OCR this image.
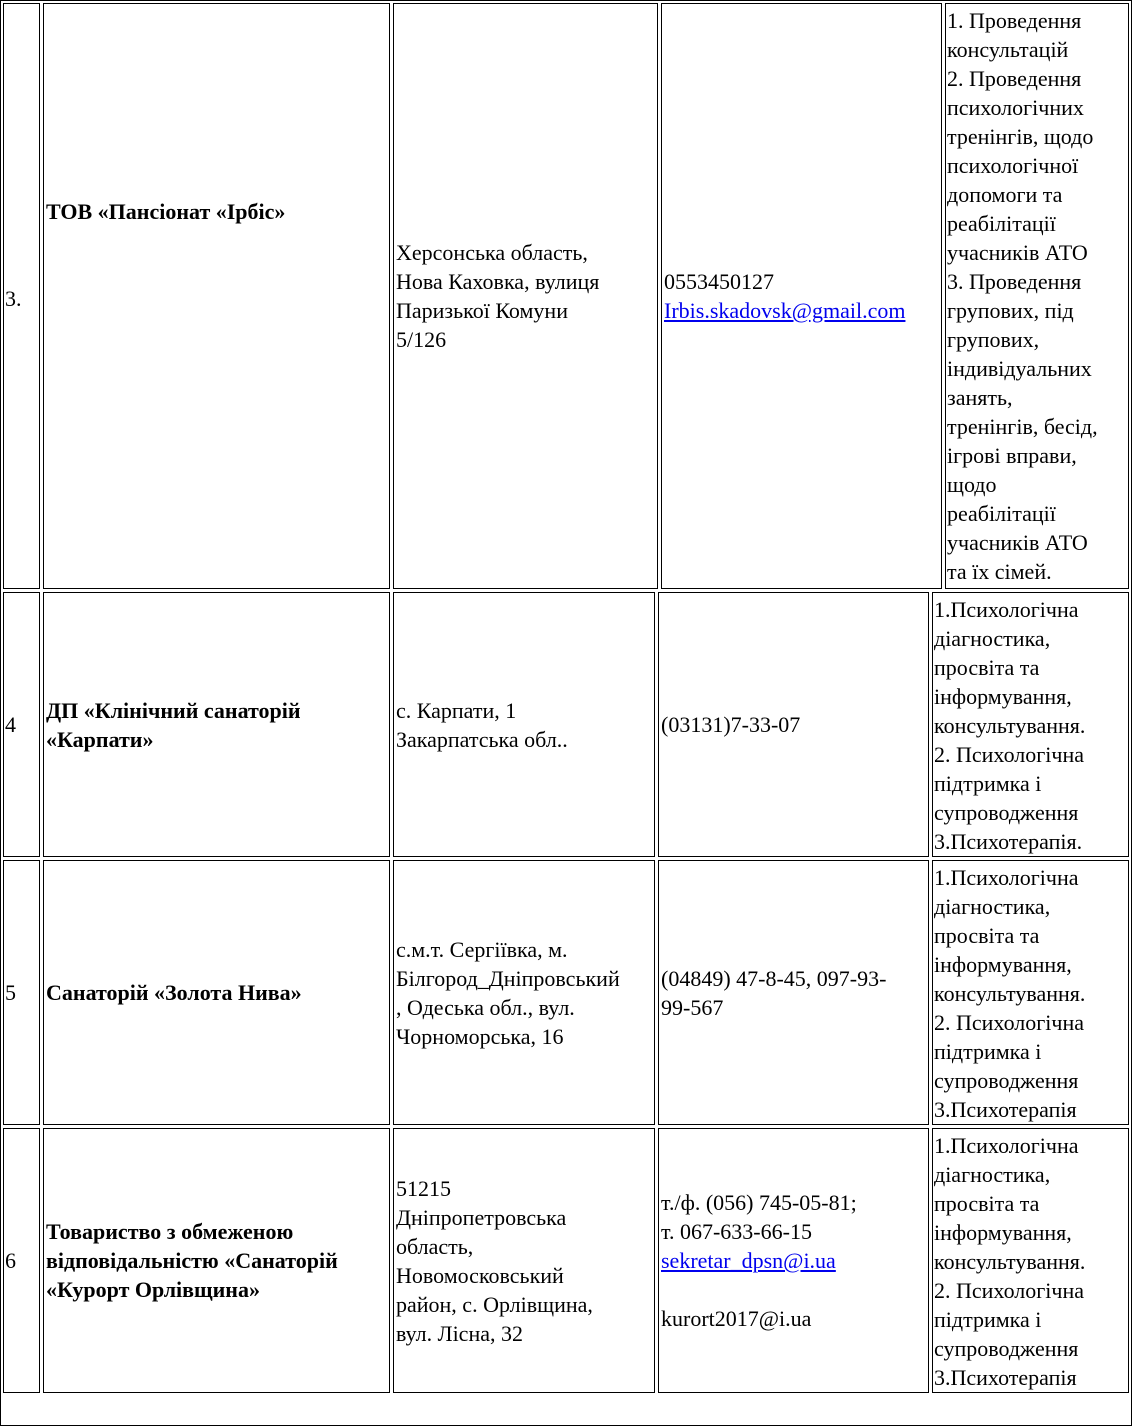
3.
ТОВ «Пансіонат «Ірбіс»
Херсонська область,
Нова Каховка, вулиця
Паризької Комуни
5/126
0553450127
Irbis.skadovsk@gmail.com
1. Проведення
консультацій
2. Проведення
психологічних
тренінгів, щодо
психологічної
допомоги та
реабілітації
учасників АТО
3. Проведення
групових, під
групових,
індивідуальних
занять,
тренінгів, бесід,
ігрові вправи,
щодо
реабілітації
учасників АТО
та їх сімей.
4
ДП «Клінічний санаторій
«Карпати»
с. Карпати, 1
Закарпатська обл..
(03131)7-33-07
1.Психологічна
діагностика,
просвіта та
інформування,
консультування.
2. Психологічна
підтримка і
супроводження
3.Психотерапія.
5	Санаторій «Золота Нива»
с.м.т. Сергіївка, м.
Білгород_Дніпровський
, Одеська обл., вул.
Чорноморська, 16
(04849) 47-8-45, 097-93-
99-567
1.Психологічна
діагностика,
просвіта та
інформування,
консультування.
2. Психологічна
підтримка і
супроводження
3.Психотерапія
6
Товариство з обмеженою
відповідальністю «Санаторій
«Курорт Орлівщина»
51215
Дніпропетровська
область,
Новомосковський
район, с. Орлівщина,
вул. Лісна, 32
т./ф. (056) 745-05-81;
т. 067-633-66-15
sekretar_dpsn@i.ua

kurort2017@i.ua
1.Психологічна
діагностика,
просвіта та
інформування,
консультування.
2. Психологічна
підтримка і
супроводження
3.Психотерапія
